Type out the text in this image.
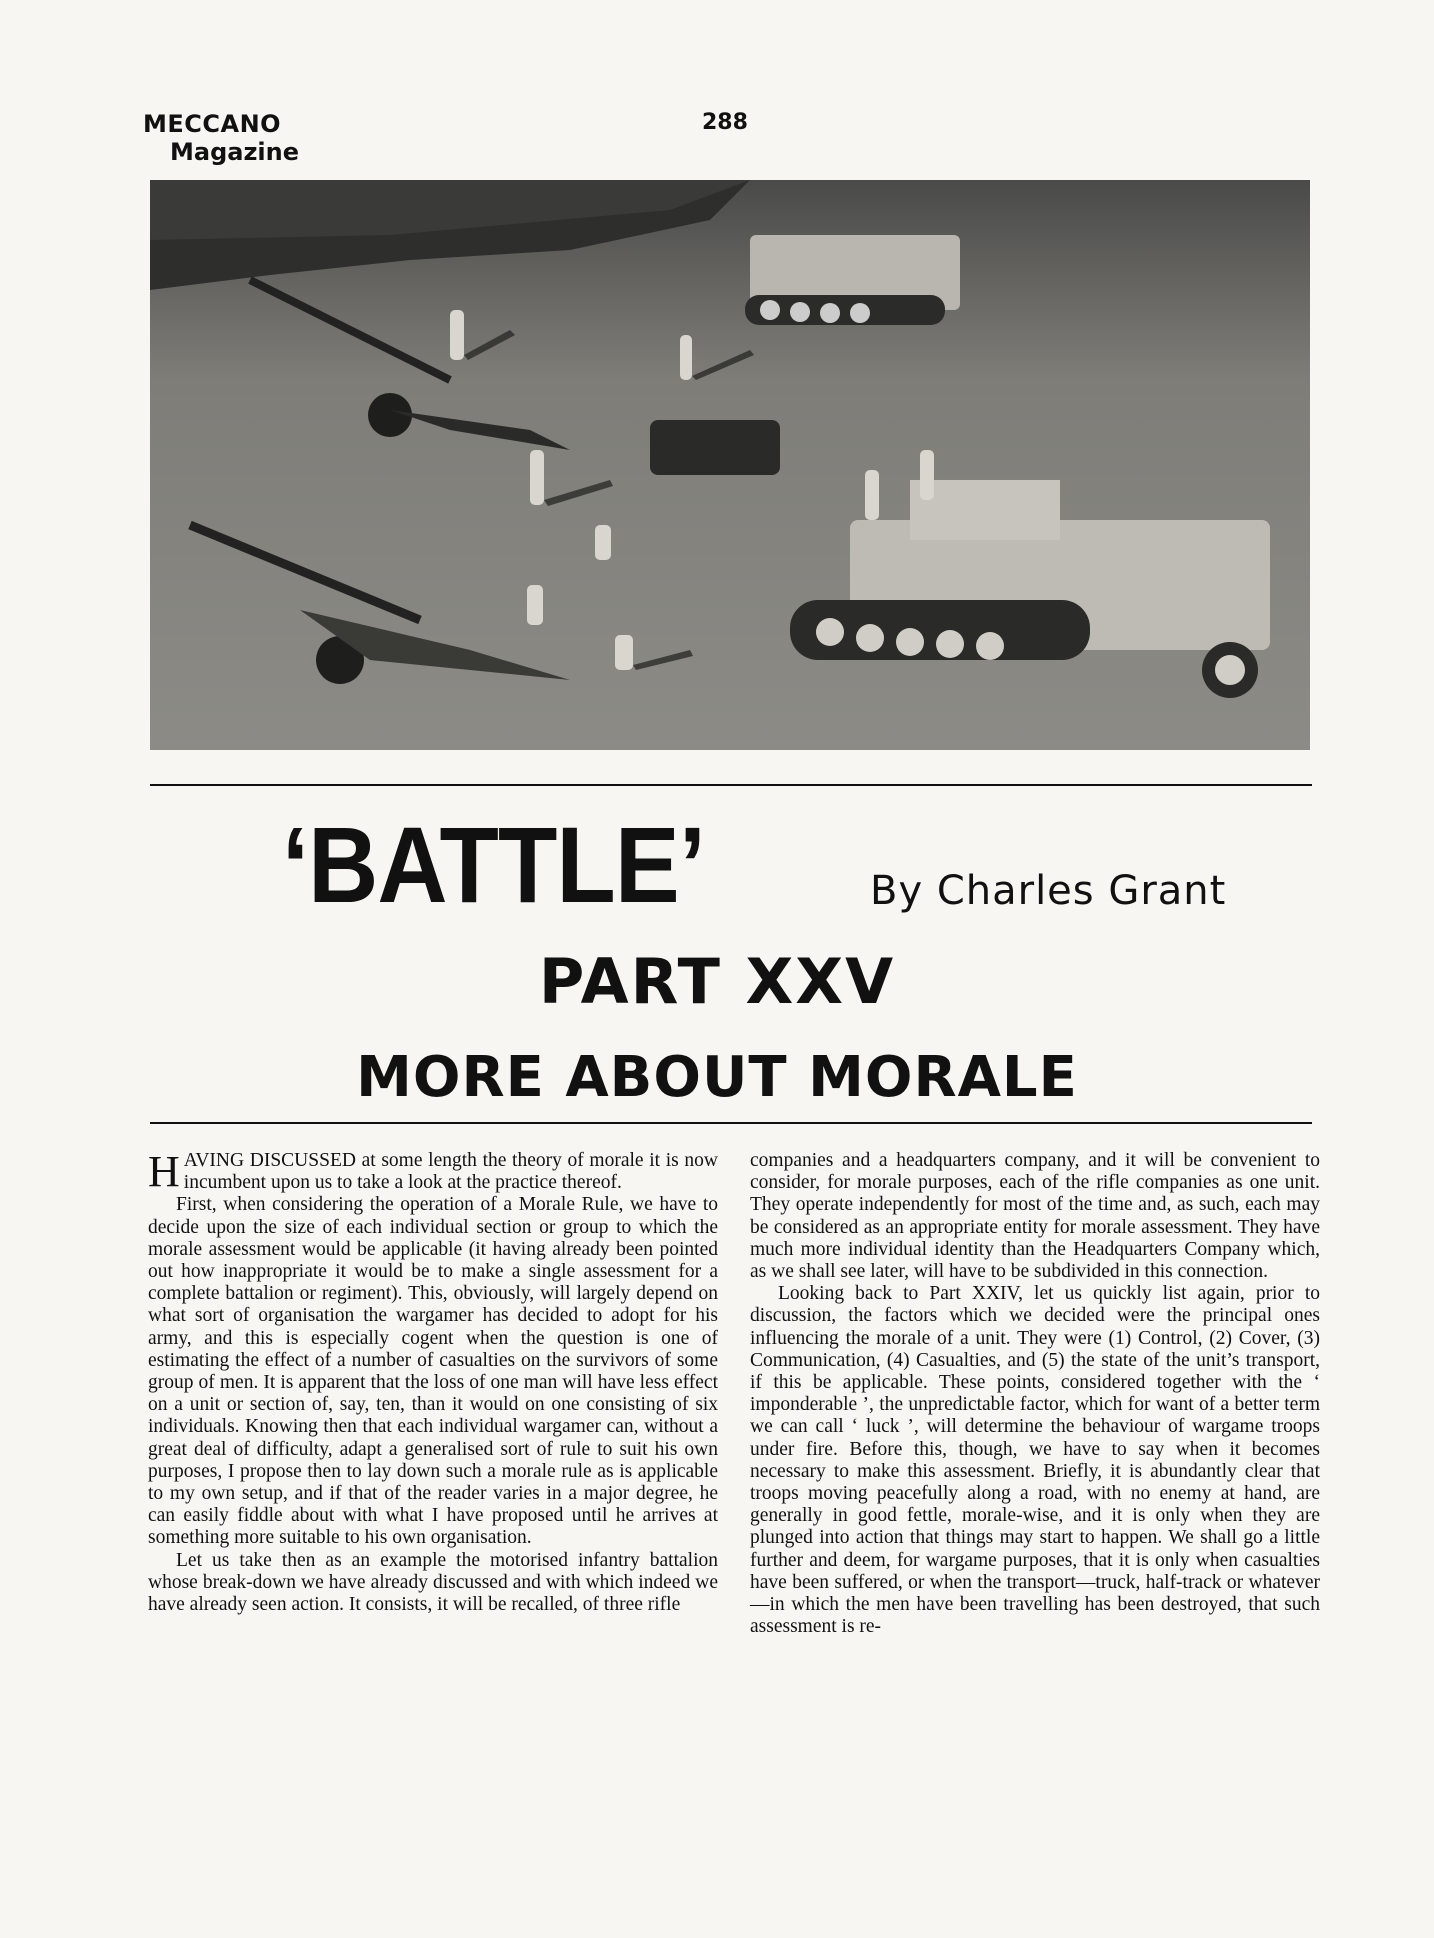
MECCANO
Magazine
288
‘BATTLE’	By Charles Grant
PART XXV
MORE ABOUT MORALE

H AVING DISCUSSED at some length the theory of morale it is now incumbent upon us to take a look at the practice thereof.

First, when considering the operation of a Morale Rule, we have to decide upon the size of each individual section or group to which the morale assessment would be applicable (it having already been pointed out how inappropriate it would be to make a single assessment for a complete battalion or regiment). This, obviously, will largely depend on what sort of organisation the wargamer has decided to adopt for his army, and this is especially cogent when the question is one of estimating the effect of a number of casualties on the survivors of some group of men. It is apparent that the loss of one man will have less effect on a unit or section of, say, ten, than it would on one consisting of six individuals. Knowing then that each individual wargamer can, without a great deal of difficulty, adapt a generalised sort of rule to suit his own purposes, I propose then to lay down such a morale rule as is applicable to my own setup, and if that of the reader varies in a major degree, he can easily fiddle about with what I have proposed until he arrives at something more suitable to his own organisation.

Let us take then as an example the motorised infantry battalion whose break-down we have already discussed and with which indeed we have already seen action. It consists, it will be recalled, of three rifle

companies and a headquarters company, and it will be convenient to consider, for morale purposes, each of the rifle companies as one unit. They operate independently for most of the time and, as such, each may be considered as an appropriate entity for morale assessment. They have much more individual identity than the Headquarters Company which, as we shall see later, will have to be subdivided in this connection.

Looking back to Part XXIV, let us quickly list again, prior to discussion, the factors which we decided were the principal ones influencing the morale of a unit. They were (1) Control, (2) Cover, (3) Communication, (4) Casualties, and (5) the state of the unit’s transport, if this be applicable. These points, considered together with the ‘ imponderable ’, the unpredictable factor, which for want of a better term we can call ‘ luck ’, will determine the behaviour of wargame troops under fire. Before this, though, we have to say when it becomes necessary to make this assessment. Briefly, it is abundantly clear that troops moving peacefully along a road, with no enemy at hand, are generally in good fettle, morale-wise, and it is only when they are plunged into action that things may start to happen. We shall go a little further and deem, for wargame purposes, that it is only when casualties have been suffered, or when the transport—truck, half-track or whatever—in which the men have been travelling has been destroyed, that such assessment is re-
